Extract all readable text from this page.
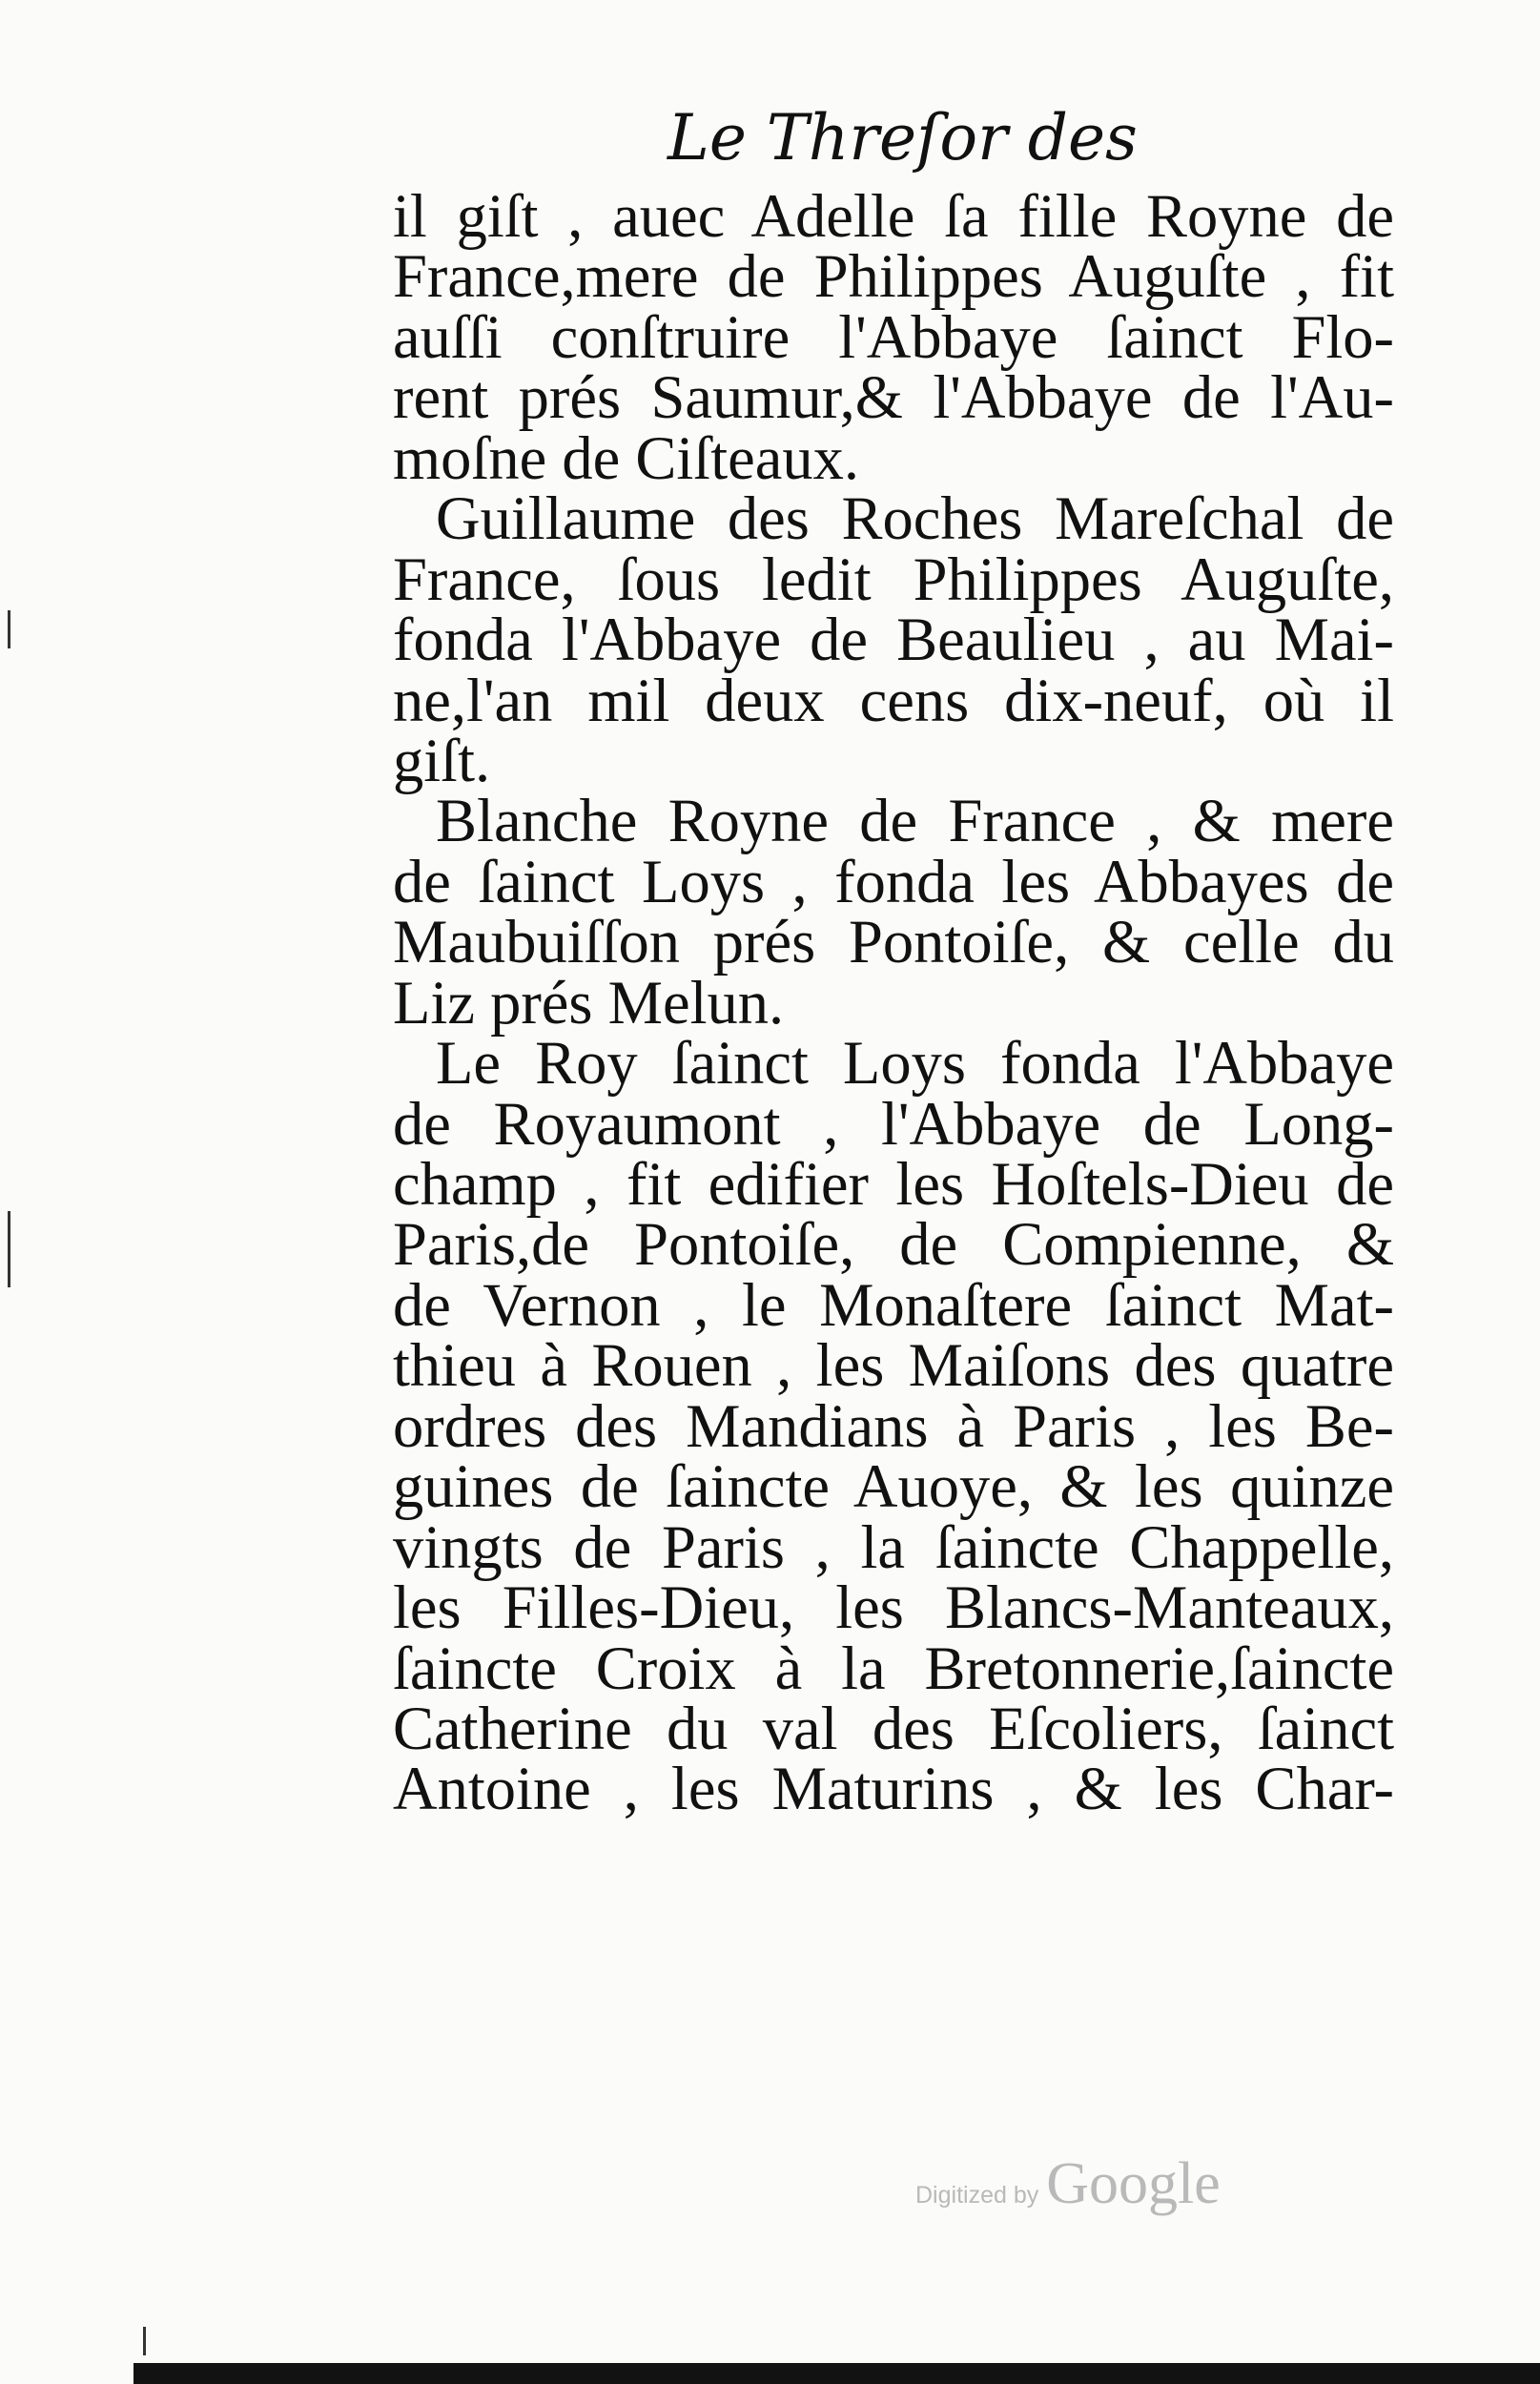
Le Threſor des
il giſt , auec Adelle ſa fille Royne de
France,mere de Philippes Auguſte , fit
auſſi conſtruire l'Abbaye ſainct Flo-
rent prés Saumur,& l'Abbaye de l'Au-
moſne de Ciſteaux.
Guillaume des Roches Mareſchal de
France, ſous ledit Philippes Auguſte,
fonda l'Abbaye de Beaulieu , au Mai-
ne,l'an mil deux cens dix-neuf, où il
giſt.
Blanche Royne de France , & mere
de ſainct Loys , fonda les Abbayes de
Maubuiſſon prés Pontoiſe, & celle du
Liz prés Melun.
Le Roy ſainct Loys fonda l'Abbaye
de Royaumont , l'Abbaye de Long-
champ , fit edifier les Hoſtels-Dieu de
Paris,de Pontoiſe, de Compienne, &
de Vernon , le Monaſtere ſainct Mat-
thieu à Rouen , les Maiſons des quatre
ordres des Mandians à Paris , les Be-
guines de ſaincte Auoye, & les quinze
vingts de Paris , la ſaincte Chappelle,
les Filles-Dieu, les Blancs-Manteaux,
ſaincte Croix à la Bretonnerie,ſaincte
Catherine du val des Eſcoliers, ſainct
Antoine , les Maturins , & les Char-
Digitized by Google
